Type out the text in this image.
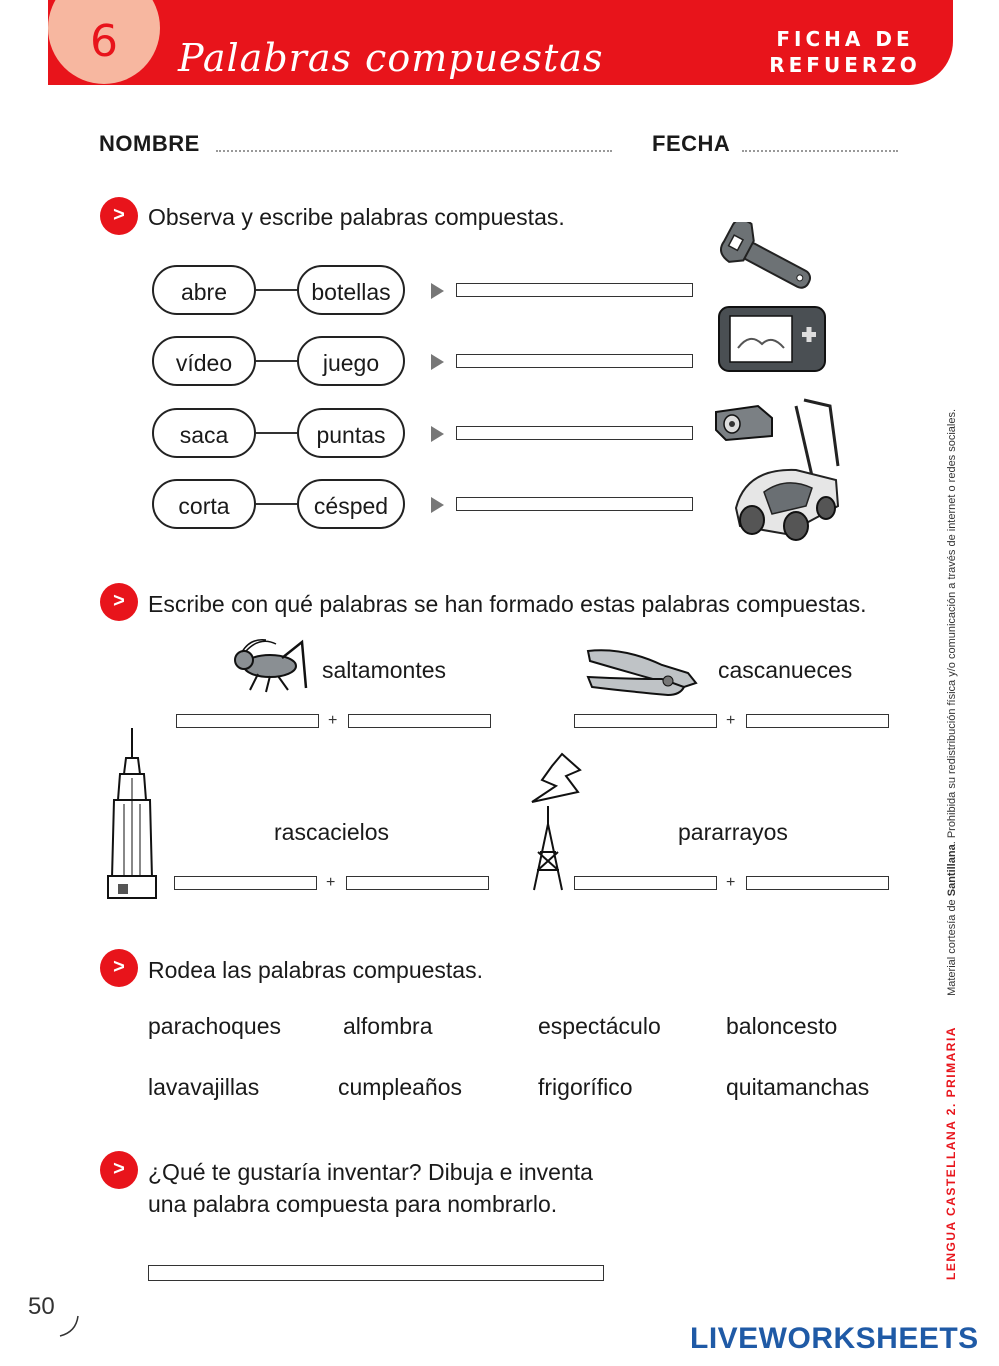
6	Palabras compuestas	FICHA DE
REFUERZO
NOMBRE	FECHA
>	Observa y escribe palabras compuestas.
abre	botellas
vídeo	juego
saca	puntas
corta	césped
>	Escribe con qué palabras se han formado estas palabras compuestas.
saltamontes
+
cascanueces
+
rascacielos
+
pararrayos
+
>	Rodea las palabras compuestas.
parachoques	alfombra	espectáculo	baloncesto
lavavajillas	cumpleaños	frigorífico	quitamanchas
>	¿Qué te gustaría inventar? Dibuja e inventa
una palabra compuesta para nombrarlo.	LENGUA CASTELLANA 2. PRIMARIA  Material cortesía de Santillana. Prohibida su redistribución física y/o comunicación a través de internet o redes sociales.
50
LIVEWORKSHEETS
